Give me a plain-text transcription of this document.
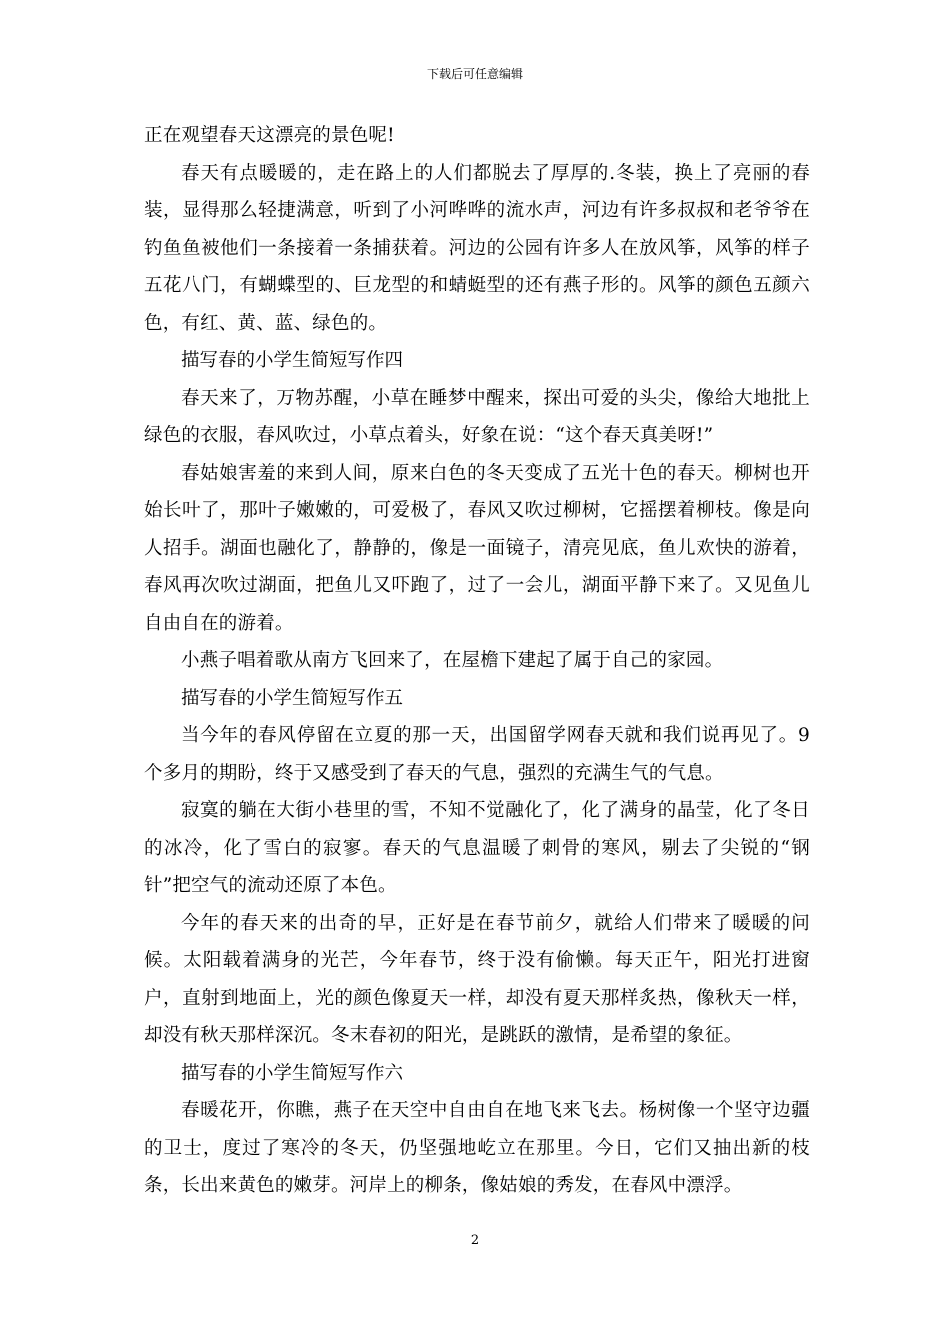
下载后可任意编辑

正在观望春天这漂亮的景色呢!

春天有点暖暖的，走在路上的人们都脱去了厚厚的.冬装，换上了亮丽的春装，显得那么轻捷满意，听到了小河哗哗的流水声，河边有许多叔叔和老爷爷在钓鱼鱼被他们一条接着一条捕获着。河边的公园有许多人在放风筝，风筝的样子五花八门，有蝴蝶型的、巨龙型的和蜻蜓型的还有燕子形的。风筝的颜色五颜六色，有红、黄、蓝、绿色的。

描写春的小学生简短写作四

春天来了，万物苏醒，小草在睡梦中醒来，探出可爱的头尖，像给大地批上绿色的衣服，春风吹过，小草点着头，好象在说：“这个春天真美呀!”

春姑娘害羞的来到人间，原来白色的冬天变成了五光十色的春天。柳树也开始长叶了，那叶子嫩嫩的，可爱极了，春风又吹过柳树，它摇摆着柳枝。像是向人招手。湖面也融化了，静静的，像是一面镜子，清亮见底，鱼儿欢快的游着，春风再次吹过湖面，把鱼儿又吓跑了，过了一会儿，湖面平静下来了。又见鱼儿自由自在的游着。

小燕子唱着歌从南方飞回来了，在屋檐下建起了属于自己的家园。

描写春的小学生简短写作五

当今年的春风停留在立夏的那一天，出国留学网春天就和我们说再见了。9个多月的期盼，终于又感受到了春天的气息，强烈的充满生气的气息。

寂寞的躺在大街小巷里的雪，不知不觉融化了，化了满身的晶莹，化了冬日的冰冷，化了雪白的寂寥。春天的气息温暖了刺骨的寒风，剔去了尖锐的“钢针”把空气的流动还原了本色。

今年的春天来的出奇的早，正好是在春节前夕，就给人们带来了暖暖的问候。太阳载着满身的光芒，今年春节，终于没有偷懒。每天正午，阳光打进窗户，直射到地面上，光的颜色像夏天一样，却没有夏天那样炙热，像秋天一样，却没有秋天那样深沉。冬末春初的阳光，是跳跃的激情，是希望的象征。

描写春的小学生简短写作六

春暖花开，你瞧，燕子在天空中自由自在地飞来飞去。杨树像一个坚守边疆的卫士，度过了寒冷的冬天，仍坚强地屹立在那里。今日，它们又抽出新的枝条，长出来黄色的嫩芽。河岸上的柳条，像姑娘的秀发，在春风中漂浮。

2
